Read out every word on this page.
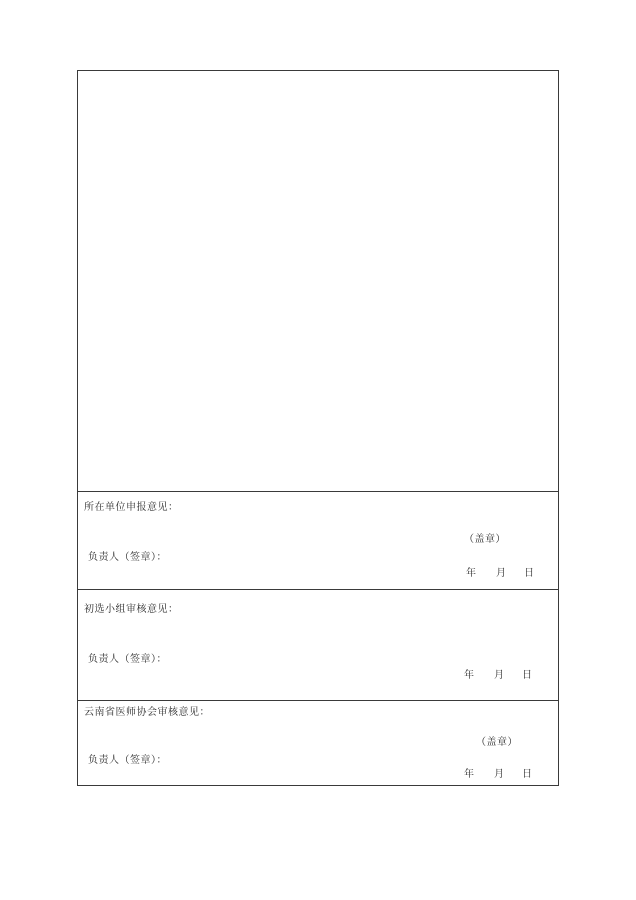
所在单位申报意见：
（盖章）
负责人（签章）：
年	月	日
初选小组审核意见：
负责人（签章）：
年	月	日
云南省医师协会审核意见：
（盖章）
负责人（签章）：
年	月	日
